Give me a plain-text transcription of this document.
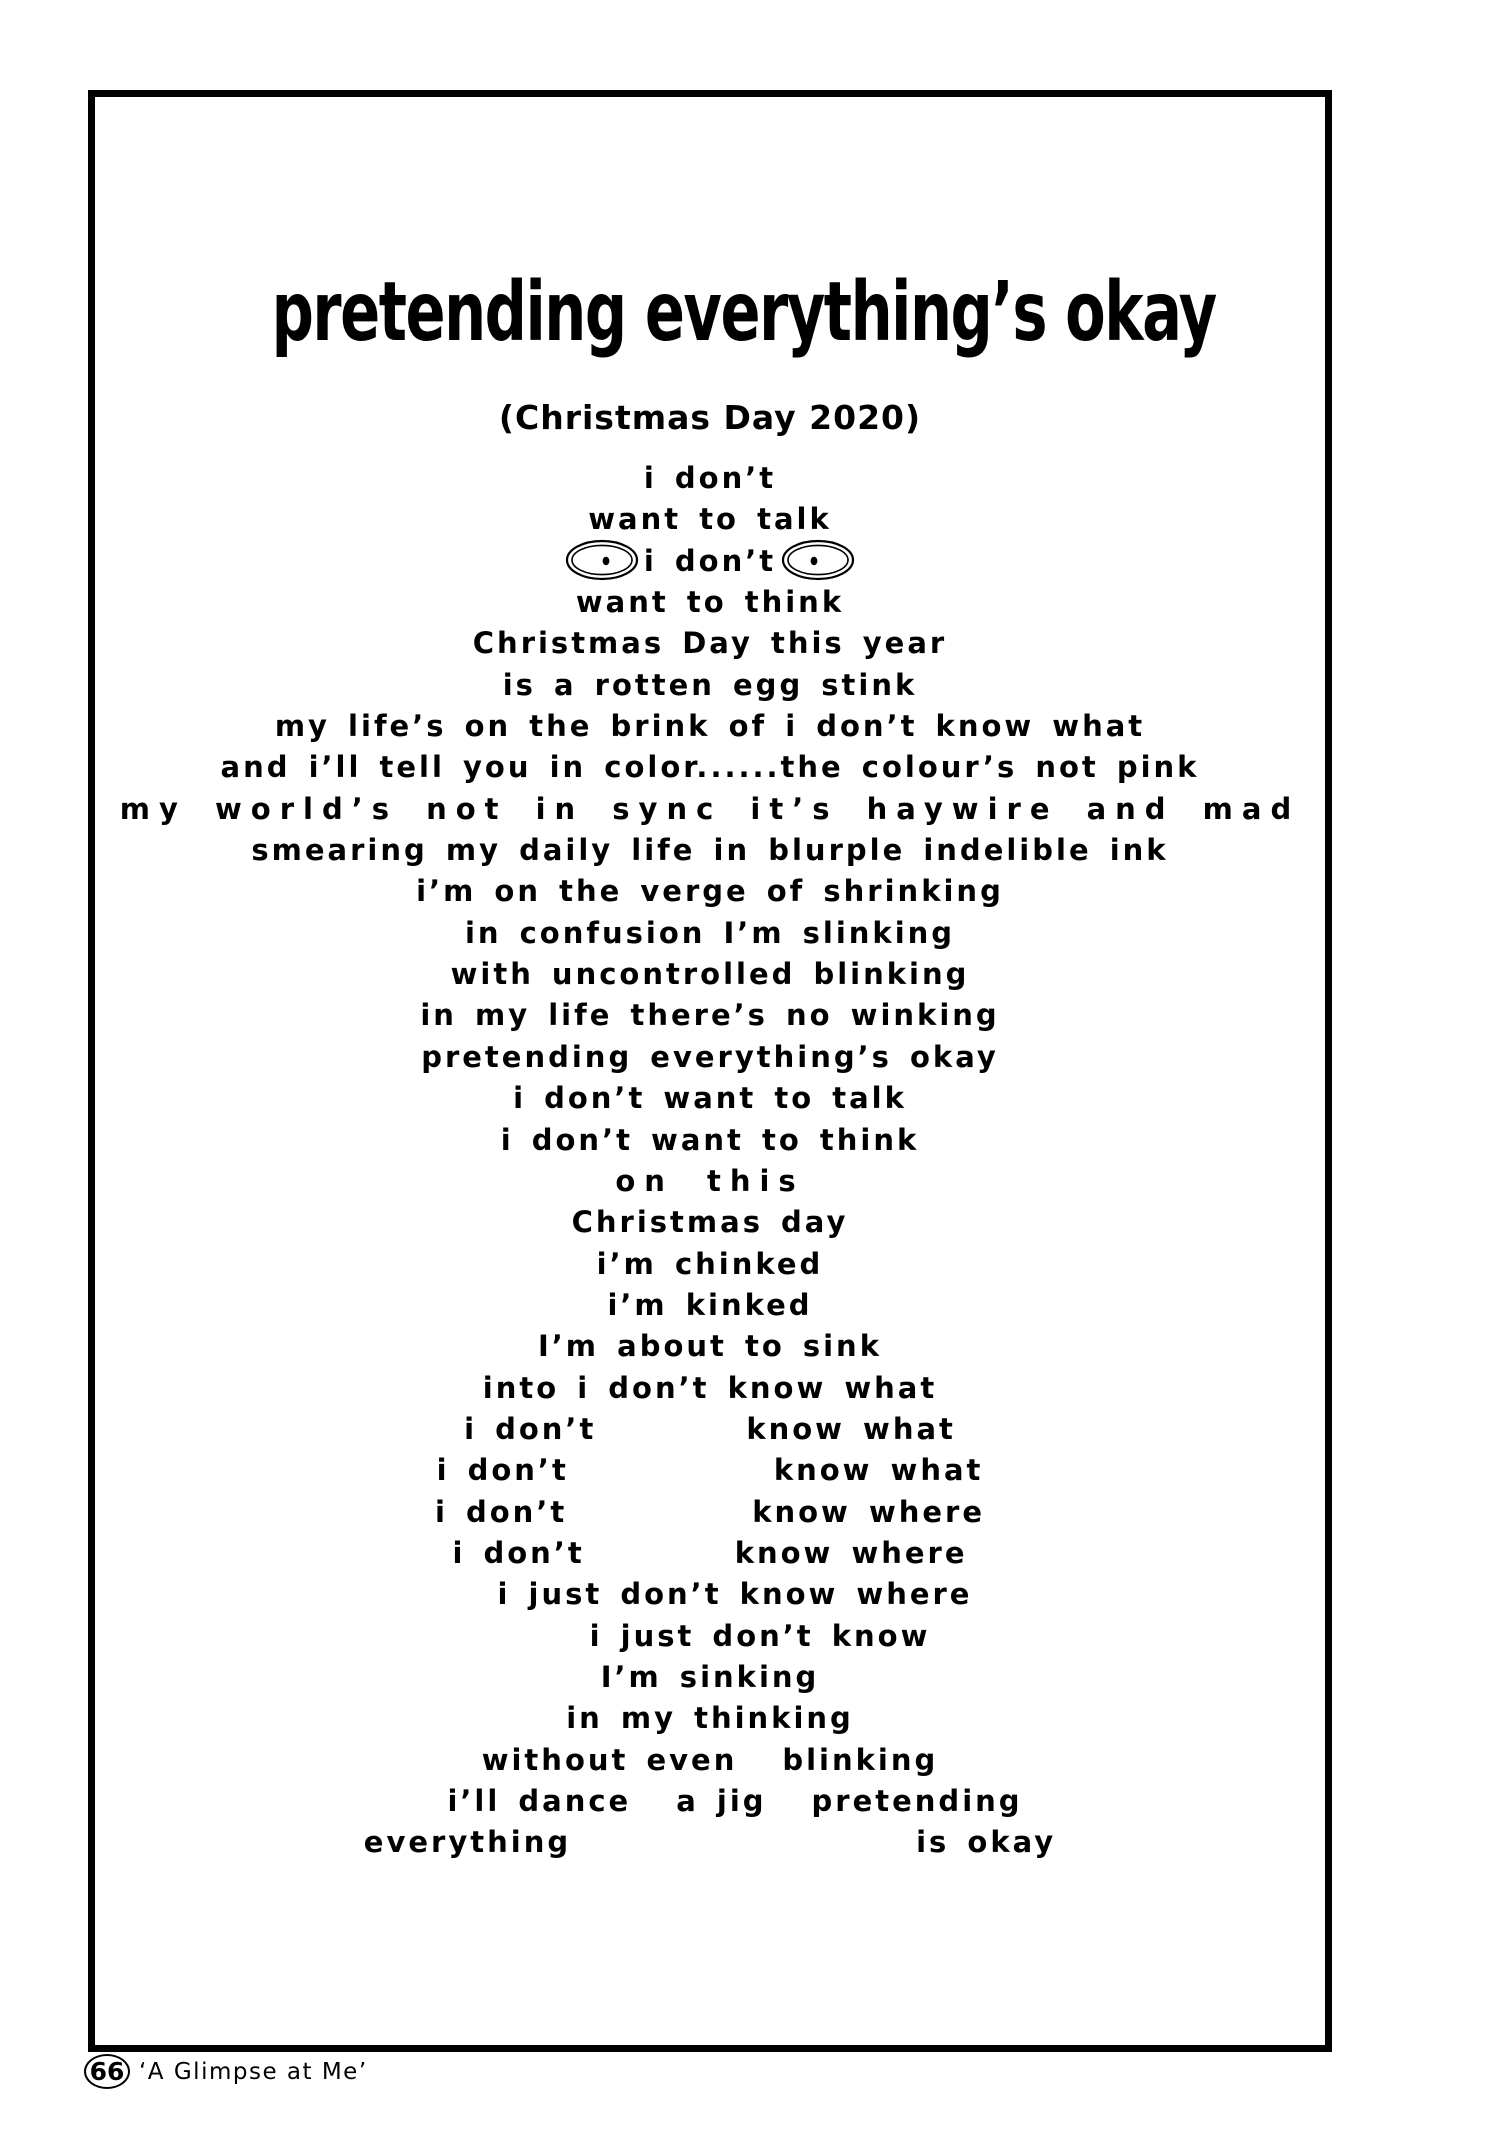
pretending everything’s okay
(Christmas Day 2020)
i don’t
want to talk
i don’t
want to think
Christmas Day this year
is a rotten egg stink
my life’s on the brink of i don’t know what
and i’ll tell you in color......the colour’s not pink
my world’s not in sync it’s haywire and mad
smearing my daily life in blurple indelible ink
i’m on the verge of shrinking
in confusion I’m slinking
with uncontrolled blinking
in my life there’s no winking
pretending everything’s okay
i don’t want to talk
i don’t want to think
on this
Christmas day
i’m chinked
i’m kinked
I’m about to sink
into i don’t know what
i don’t	know what
i don’t	know what
i don’t	know where
i don’t	know where
i just don’t know where
i just don’t know
I’m sinking
in my thinking
without even blinking
i’ll dance a jig pretending
everything	is okay
66 ‘A Glimpse at Me’
